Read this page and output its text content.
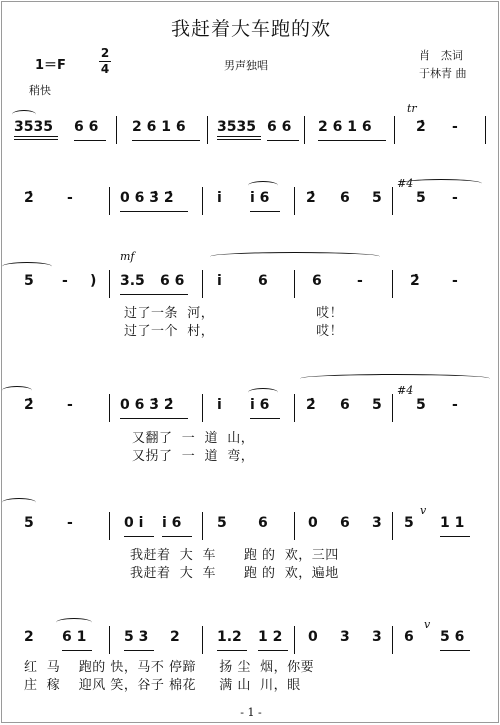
我赶着大车跑的欢
1＝F
2
4	男声独唱
肖　杰词
于林青 曲
稍快
3535 6 6 2 6 1 6 3535 6 6 2 6 1 6
tr
2̇ -
2̇ -	0 6 3̇ 2̇	i i 6	2̇ 6 5
#4
5 -
5 - )
mf
3.5 6 6 i	6	6	-	2̇ -
过了一条  河，                      哎！
过了一个  村，                      哎！
2̇ -	0 6 3̇ 2̇	i i 6	2̇ 6 5
#4
5 -
又翻了  一  道  山，
又拐了  一  道  弯，
5 -	0 i i 6	5 6	0 6 3 5
v
1 1
我赶着  大  车      跑 的  欢，三四
我赶着  大  车      跑 的  欢，遍地
2 6 1	5 3 2	1.2 1 2 0 3 3 6
v
5 6
红  马    跑的 快，马不 停蹄     扬 尘  烟，你要
庄  稼    迎风 笑，谷子 棉花     满 山  川，眼
- 1 -
